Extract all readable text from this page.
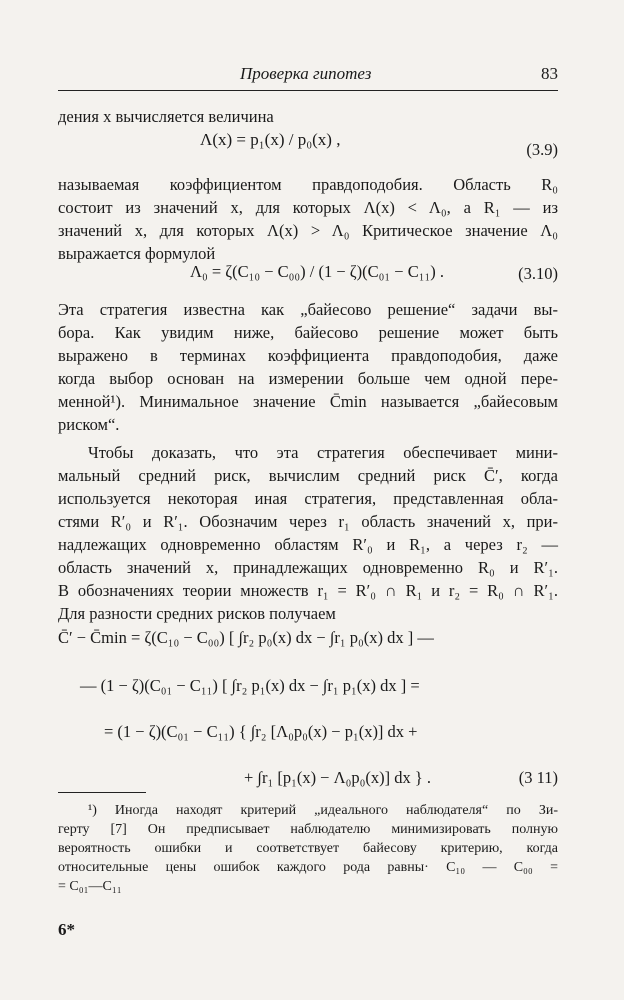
Проверка гипотез	83
дения x вычисляется величина
Λ(x) = p₁(x) / p₀(x) ,
(3.9)
называемая коэффициентом правдоподобия. Область R₀
состоит из значений x, для которых Λ(x) < Λ₀, а R₁ — из
значений x, для которых Λ(x) > Λ₀ Критическое значение Λ₀
выражается формулой
Λ₀ = ζ(C₁₀ − C₀₀) / (1 − ζ)(C₀₁ − C₁₁) .	(3.10)
Эта стратегия известна как „байесово решение“ задачи вы-
бора. Как увидим ниже, байесово решение может быть
выражено в терминах коэффициента правдоподобия, даже
когда выбор основан на измерении больше чем одной пере-
менной¹). Минимальное значение C̄min называется „байесовым
риском“.
Чтобы доказать, что эта стратегия обеспечивает мини-
мальный средний риск, вычислим средний риск C̄′, когда
используется некоторая иная стратегия, представленная обла-
стями R′₀ и R′₁. Обозначим через r₁ область значений x, при-
надлежащих одновременно областям R′₀ и R₁, а через r₂ —
область значений x, принадлежащих одновременно R₀ и R′₁.
В обозначениях теории множеств r₁ = R′₀ ∩ R₁ и r₂ = R₀ ∩ R′₁.
Для разности средних рисков получаем
C̄′ − C̄min = ζ(C₁₀ − C₀₀) [ ∫r₂ p₀(x) dx − ∫r₁ p₀(x) dx ] —
— (1 − ζ)(C₀₁ − C₁₁) [ ∫r₂ p₁(x) dx − ∫r₁ p₁(x) dx ] =
= (1 − ζ)(C₀₁ − C₁₁) { ∫r₂ [Λ₀p₀(x) − p₁(x)] dx +
+ ∫r₁ [p₁(x) − Λ₀p₀(x)] dx } .	(3 11)
¹) Иногда находят критерий „идеального наблюдателя“ по Зи-
герту [7] Он предписывает наблюдателю минимизировать полную
вероятность ошибки и соответствует байесову критерию, когда
относительные цены ошибок каждого рода равны· C₁₀ — C₀₀ =
= C₀₁—C₁₁
6*
